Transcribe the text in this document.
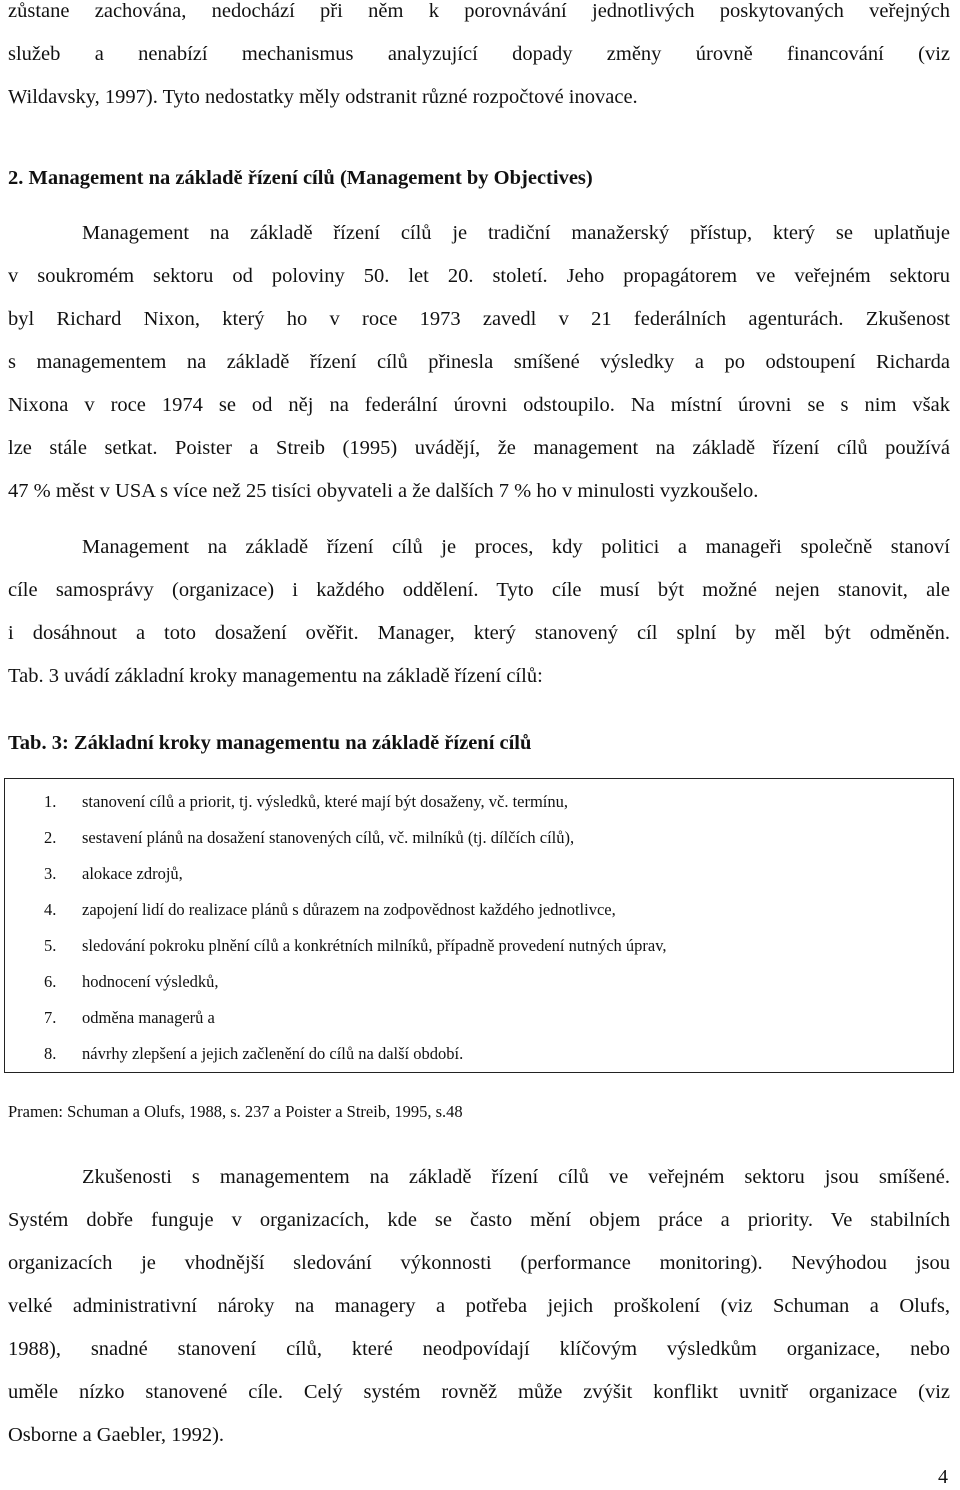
zůstane zachována, nedochází při něm k porovnávání jednotlivých poskytovaných veřejných
služeb a nenabízí mechanismus analyzující dopady změny úrovně financování (viz
Wildavsky, 1997). Tyto nedostatky měly odstranit různé rozpočtové inovace.
2. Management na základě řízení cílů (Management by Objectives)
Management na základě řízení cílů je tradiční manažerský přístup, který se uplatňuje
v soukromém sektoru od poloviny 50. let 20. století. Jeho propagátorem ve veřejném sektoru
byl Richard Nixon, který ho v roce 1973 zavedl v 21 federálních agenturách. Zkušenost
s managementem na základě řízení cílů přinesla smíšené výsledky a po odstoupení Richarda
Nixona v roce 1974 se od něj na federální úrovni odstoupilo. Na místní úrovni se s nim však
lze stále setkat. Poister a Streib (1995) uvádějí, že management na základě řízení cílů používá
47 % měst v USA s více než 25 tisíci obyvateli a že dalších 7 % ho v minulosti vyzkoušelo.
Management na základě řízení cílů je proces, kdy politici a manageři společně stanoví
cíle samosprávy (organizace) i každého oddělení. Tyto cíle musí být možné nejen stanovit, ale
i dosáhnout a toto dosažení ověřit. Manager, který stanovený cíl splní by měl být odměněn.
Tab. 3 uvádí základní kroky managementu na základě řízení cílů:
Tab. 3: Základní kroky managementu na základě řízení cílů
1. stanovení cílů a priorit, tj. výsledků, které mají být dosaženy, vč. termínu,
2. sestavení plánů na dosažení stanovených cílů, vč. milníků (tj. dílčích cílů),
3. alokace zdrojů,
4. zapojení lidí do realizace plánů s důrazem na zodpovědnost každého jednotlivce,
5. sledování pokroku plnění cílů a konkrétních milníků, případně provedení nutných úprav,
6. hodnocení výsledků,
7. odměna managerů a
8. návrhy zlepšení a jejich začlenění do cílů na další období.
Pramen: Schuman a Olufs, 1988, s. 237 a Poister a Streib, 1995, s.48
Zkušenosti s managementem na základě řízení cílů ve veřejném sektoru jsou smíšené.
Systém dobře funguje v organizacích, kde se často mění objem práce a priority. Ve stabilních
organizacích je vhodnější sledování výkonnosti (performance monitoring). Nevýhodou jsou
velké administrativní nároky na managery a potřeba jejich proškolení (viz Schuman a Olufs,
1988), snadné stanovení cílů, které neodpovídají klíčovým výsledkům organizace, nebo
uměle nízko stanovené cíle. Celý systém rovněž může zvýšit konflikt uvnitř organizace (viz
Osborne a Gaebler, 1992).
4
